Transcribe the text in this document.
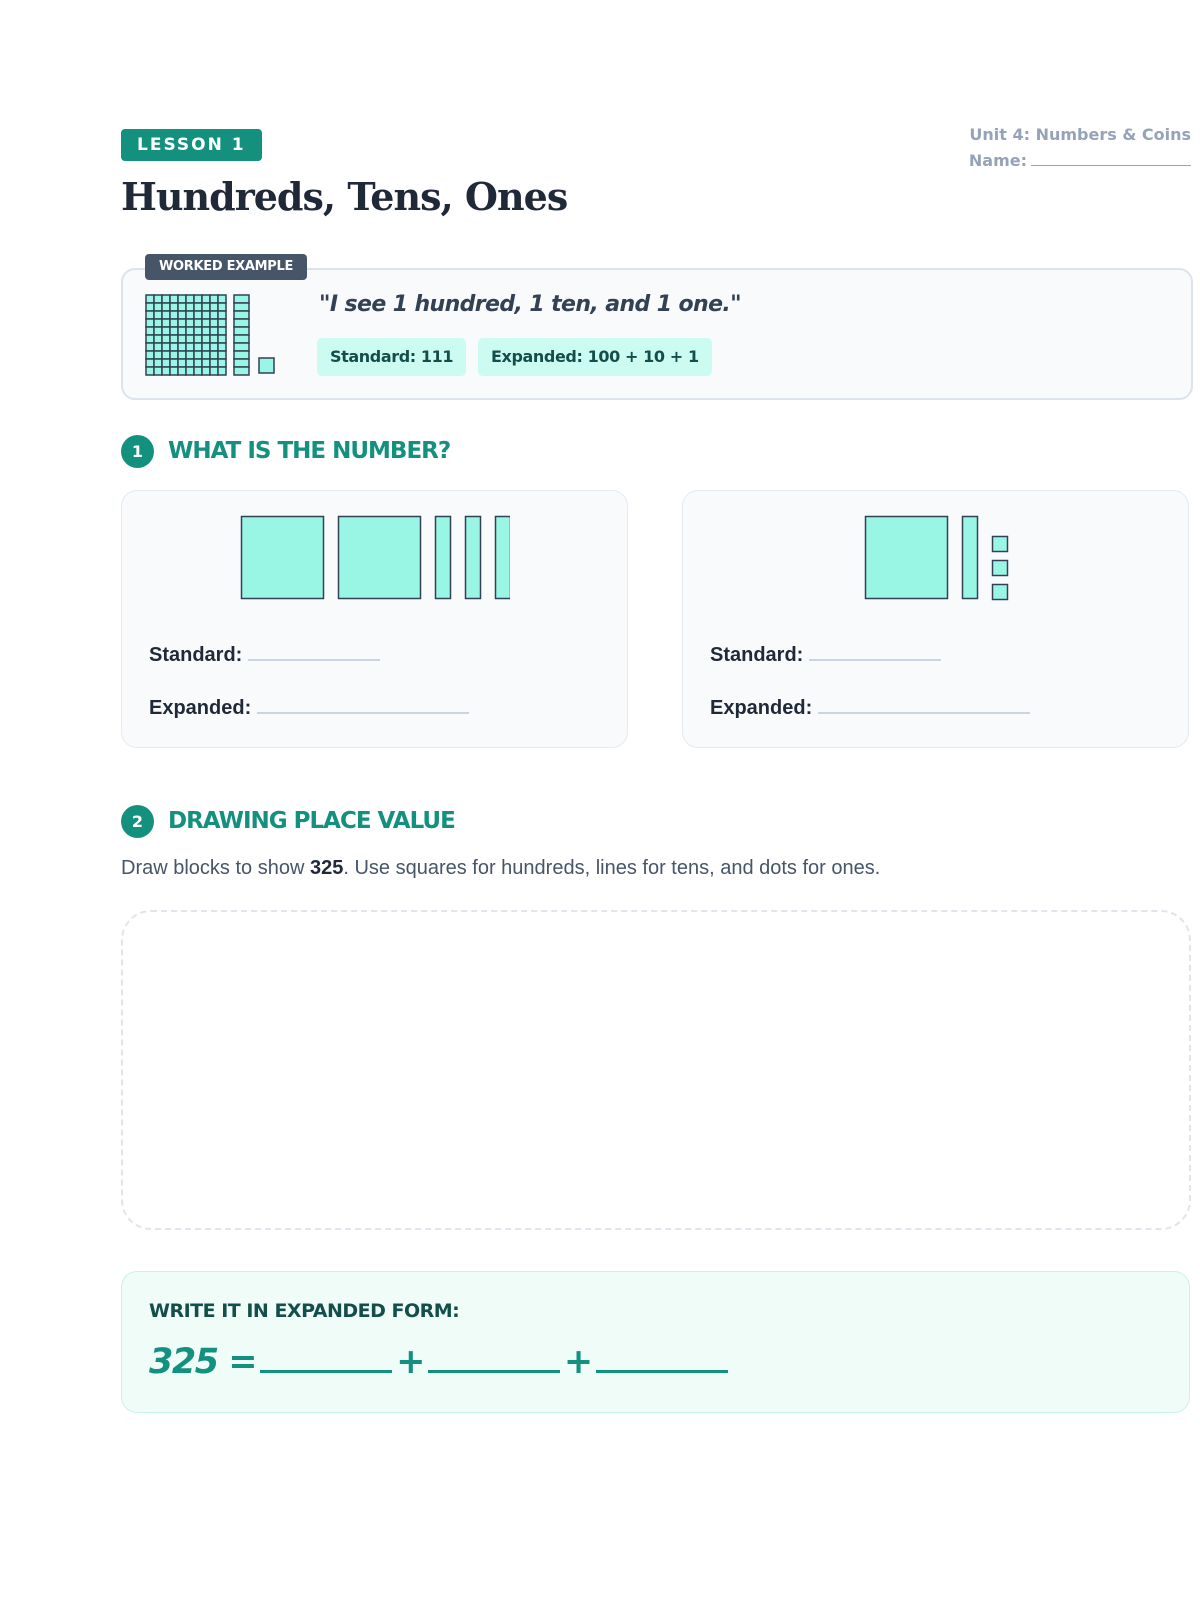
LESSON 1
Unit 4: Numbers & Coins
Name:
Hundreds, Tens, Ones
WORKED EXAMPLE
"I see 1 hundred, 1 ten, and 1 one."
Standard: 111	Expanded: 100 + 10 + 1
1	WHAT IS THE NUMBER?
Standard:
Expanded:
Standard:
Expanded:
2	DRAWING PLACE VALUE
Draw blocks to show 325. Use squares for hundreds, lines for tens, and dots for ones.
WRITE IT IN EXPANDED FORM:
325 =	+	+
